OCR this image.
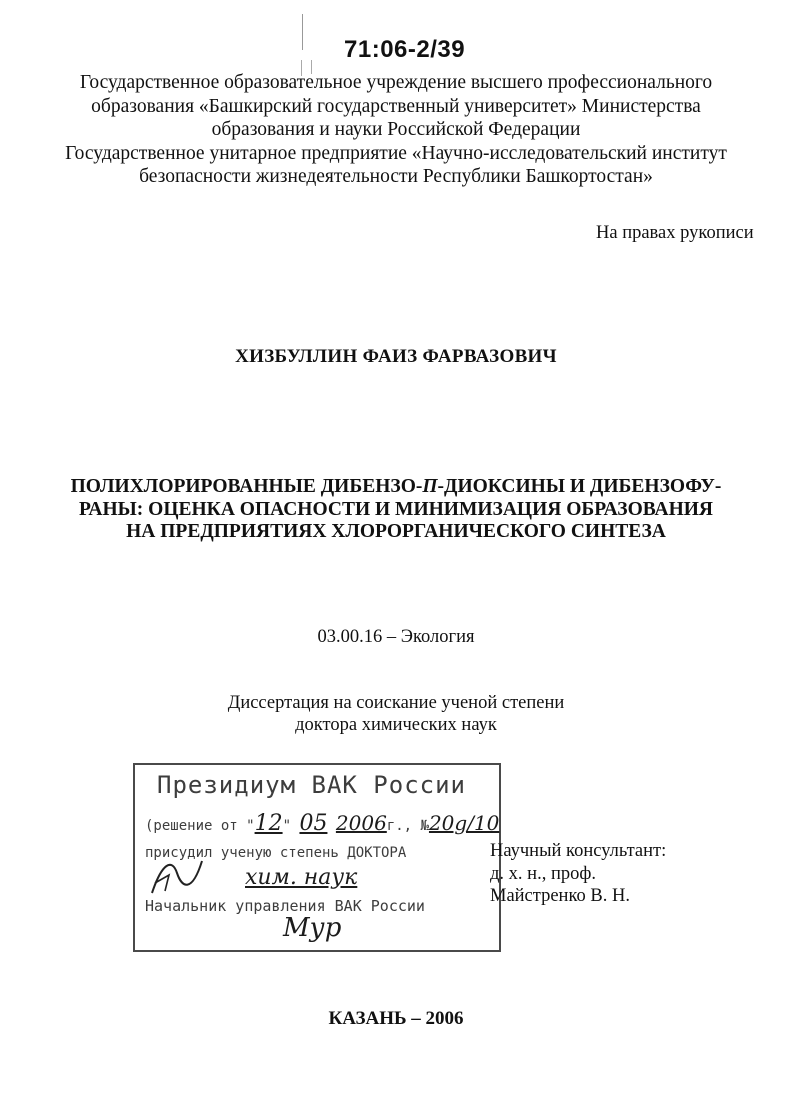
71:06-2/39
Государственное образовательное учреждение высшего профессионального
образования «Башкирский государственный университет» Министерства
образования и науки Российской Федерации
Государственное унитарное предприятие «Научно-исследовательский институт
безопасности жизнедеятельности Республики Башкортостан»
На правах рукописи
ХИЗБУЛЛИН ФАИЗ ФАРВАЗОВИЧ
ПОЛИХЛОРИРОВАННЫЕ ДИБЕНЗО-П-ДИОКСИНЫ И ДИБЕНЗОФУ-
РАНЫ: ОЦЕНКА ОПАСНОСТИ И МИНИМИЗАЦИЯ ОБРАЗОВАНИЯ
НА ПРЕДПРИЯТИЯХ ХЛОРОРГАНИЧЕСКОГО СИНТЕЗА
03.00.16 – Экология
Диссертация на соискание ученой степени
доктора химических наук
Президиум ВАК России
(решение от "12" 05 2006г., №20g/10
присудил ученую степень ДОКТОРА
хим. наук
Начальник управления ВАК России
Мур
Научный консультант:
д. х. н., проф.
Майстренко В. Н.
КАЗАНЬ – 2006
